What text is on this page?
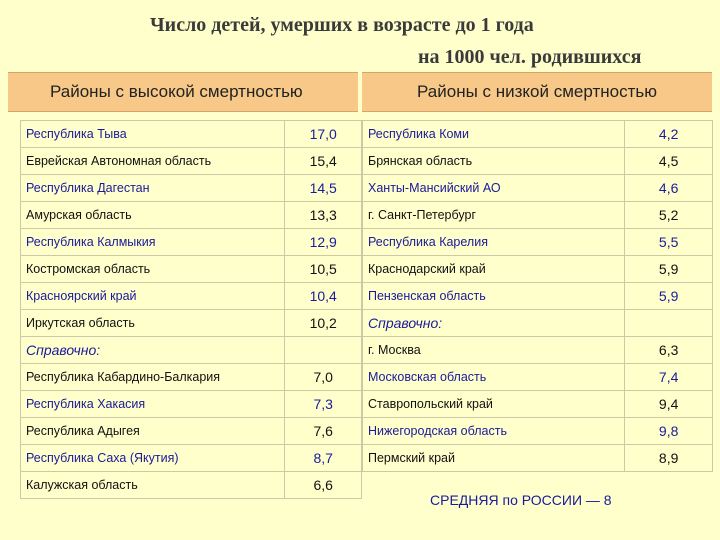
Число детей, умерших в возрасте до 1 года
на 1000 чел. родившихся
Районы с высокой смертностью	Районы с низкой смертностью
Республика Тыва	17,0
Еврейская Автономная область	15,4
Республика Дагестан	14,5
Амурская область	13,3
Республика Калмыкия	12,9
Костромская область	10,5
Красноярский край	10,4
Иркутская область	10,2
Справочно:	
Республика Кабардино-Балкария	7,0
Республика Хакасия	7,3
Республика Адыгея	7,6
Республика Саха (Якутия)	8,7
Калужская область	6,6
Республика Коми	4,2
Брянская область	4,5
Ханты-Мансийский АО	4,6
г. Санкт-Петербург	5,2
Республика Карелия	5,5
Краснодарский край	5,9
Пензенская область	5,9
Справочно:	
г. Москва	6,3
Московская область	7,4
Ставропольский край	9,4
Нижегородская область	9,8
Пермский край	8,9
СРЕДНЯЯ по РОССИИ — 8
